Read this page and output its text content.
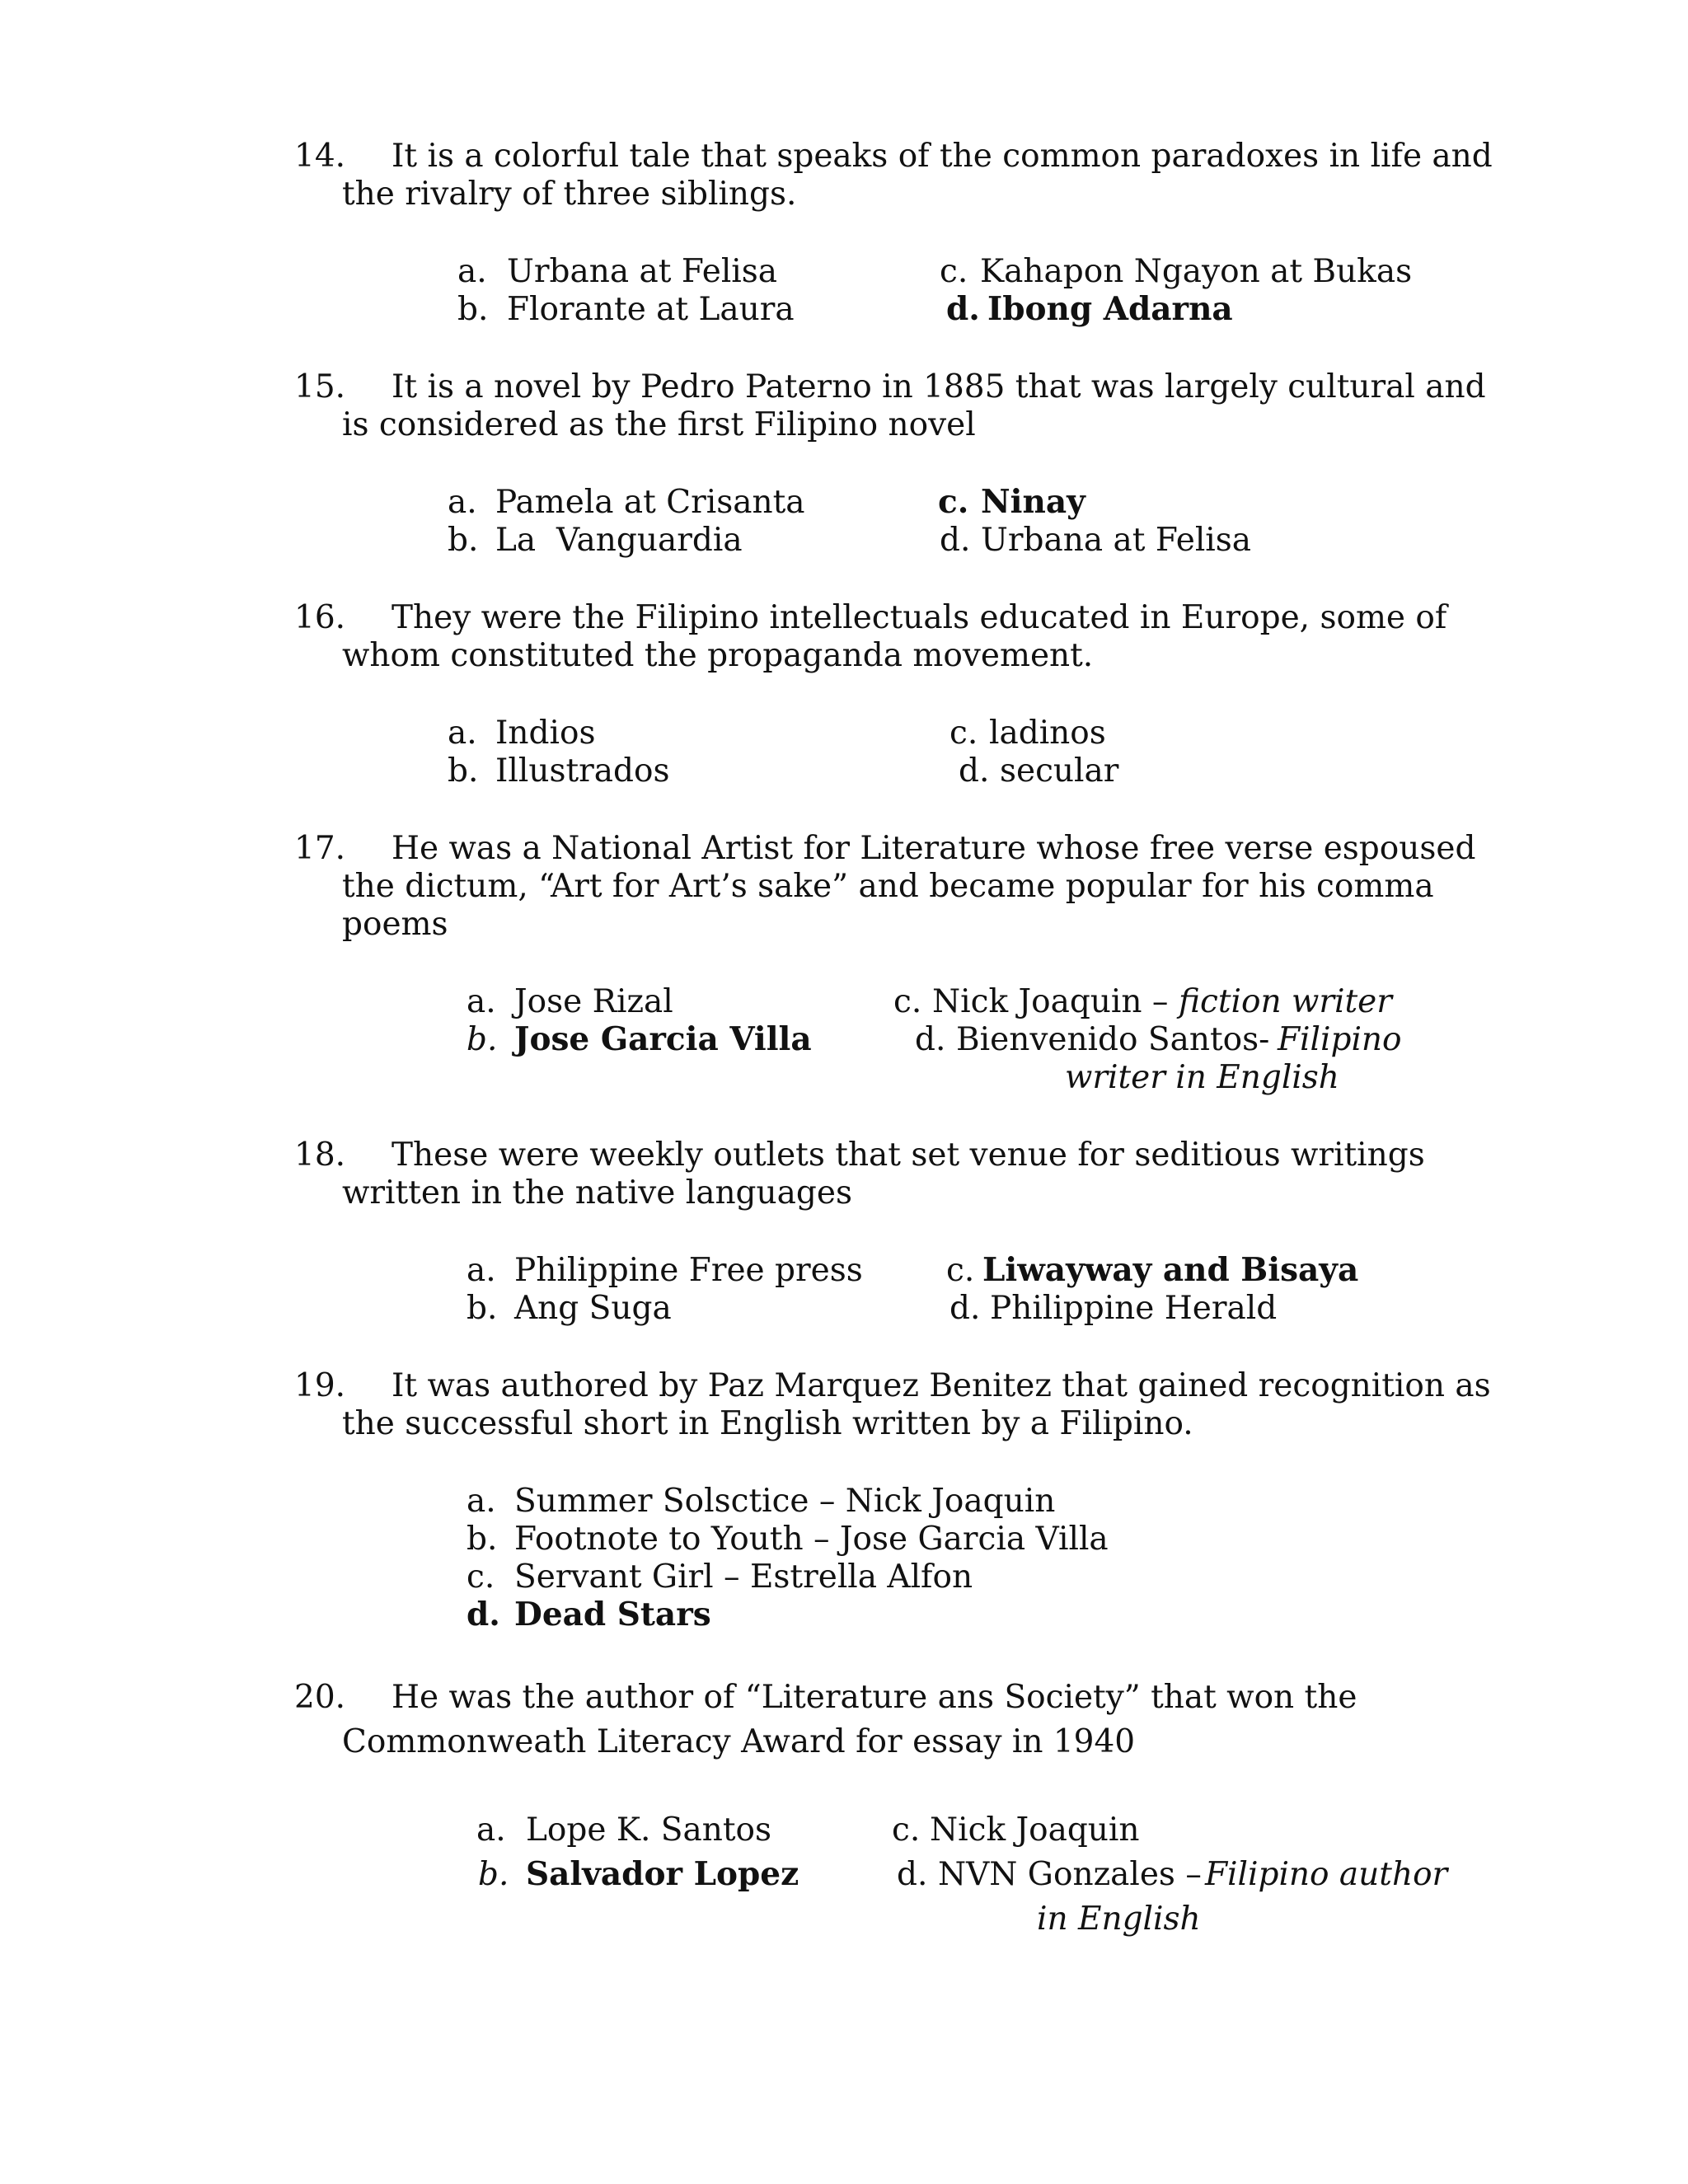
14. It is a colorful tale that speaks of the common paradoxes in life and
the rivalry of three siblings.
a. Urbana at Felisa
b. Florante at Laura
c. Kahapon Ngayon at Bukas
d. Ibong Adarna
15. It is a novel by Pedro Paterno in 1885 that was largely cultural and
is considered as the first Filipino novel
a. Pamela at Crisanta
b. La  Vanguardia
c. Ninay
d. Urbana at Felisa
16. They were the Filipino intellectuals educated in Europe, some of
whom constituted the propaganda movement.
a. Indios
b. Illustrados
c. ladinos
d. secular
17. He was a National Artist for Literature whose free verse espoused
the dictum, “Art for Art’s sake” and became popular for his comma
poems
a. Jose Rizal
b. Jose Garcia Villa
c. Nick Joaquin – fiction writer
d. Bienvenido Santos- Filipino
writer in English
18. These were weekly outlets that set venue for seditious writings
written in the native languages
a. Philippine Free press
b. Ang Suga
c. Liwayway and Bisaya
d. Philippine Herald
19. It was authored by Paz Marquez Benitez that gained recognition as
the successful short in English written by a Filipino.
a. Summer Solsctice – Nick Joaquin
b. Footnote to Youth – Jose Garcia Villa
c. Servant Girl – Estrella Alfon
d. Dead Stars
20. He was the author of “Literature ans Society” that won the
Commonweath Literacy Award for essay in 1940
a. Lope K. Santos
b. Salvador Lopez
c. Nick Joaquin
d. NVN Gonzales – Filipino author
in English
